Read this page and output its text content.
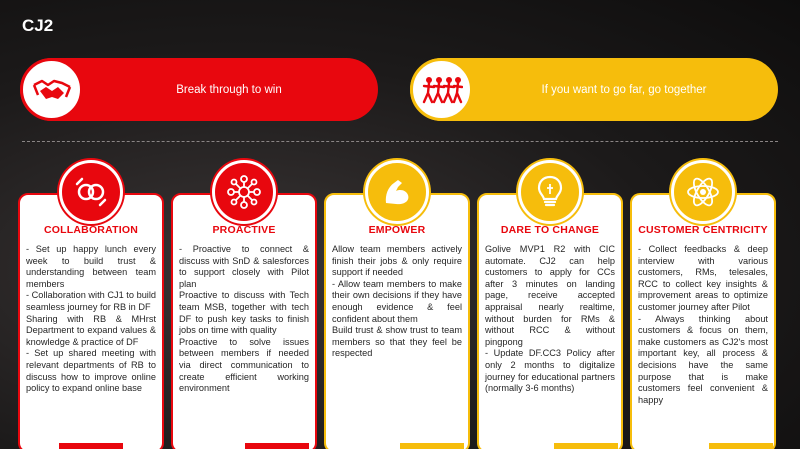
CJ2
Break through to win	If you want to go far, go together
COLLABORATION
- Set up happy lunch every week to build trust & understanding between team members
- Collaboration with CJ1 to build seamless journey for RB in DF
Sharing with RB & MHrst Department to expand values & knowledge & practice of DF
- Set up shared meeting with relevant departments of RB to discuss how to improve online policy to expand online base
PROACTIVE
- Proactive to connect & discuss with SnD & salesforces to support closely with Pilot plan
Proactive to discuss with Tech team MSB, together with tech DF to push key tasks to finish jobs on time with quality
Proactive to solve issues between members if needed via direct communication to create efficient working environment
EMPOWER
Allow team members actively finish their jobs & only require support if needed
- Allow team members to make their own decisions if they have enough evidence & feel confident about them
Build trust & show trust to team members so that they feel be respected
DARE TO CHANGE
Golive MVP1 R2 with CIC automate. CJ2 can help customers to apply for CCs after 3 minutes on landing page, receive accepted appraisal nearly realtime, without burden for RMs & without RCC & without pingpong
- Update DF.CC3 Policy after only 2 months to digitalize journey for educational partners (normally 3-6 months)
CUSTOMER CENTRICITY
- Collect feedbacks & deep interview with various customers, RMs, telesales, RCC to collect key insights & improvement areas to optimize customer journey after Pilot
- Always thinking about customers & focus on them, make customers as CJ2's most important key, all process & decisions have the same purpose that is make customers feel convenient & happy
